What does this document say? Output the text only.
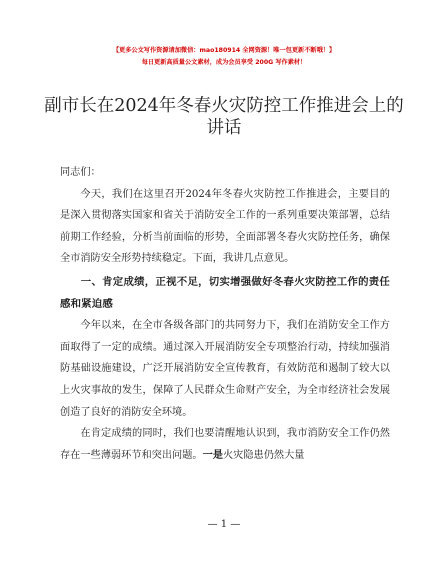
【更多公文写作资源请加微信：mao180914 全网资源！唯一包更新不断哦！】
每日更新高质量公文素材，成为会员享受 200G 写作素材！
副市长在2024年冬春火灾防控工作推进会上的讲话

同志们：

今天，我们在这里召开2024年冬春火灾防控工作推进会，主要目的是深入贯彻落实国家和省关于消防安全工作的一系列重要决策部署，总结前期工作经验，分析当前面临的形势，全面部署冬春火灾防控任务，确保全市消防安全形势持续稳定。下面，我讲几点意见。

一、肯定成绩，正视不足，切实增强做好冬春火灾防控工作的责任感和紧迫感

今年以来，在全市各级各部门的共同努力下，我们在消防安全工作方面取得了一定的成绩。通过深入开展消防安全专项整治行动，持续加强消防基础设施建设，广泛开展消防安全宣传教育，有效防范和遏制了较大以上火灾事故的发生，保障了人民群众生命财产安全，为全市经济社会发展创造了良好的消防安全环境。

在肯定成绩的同时，我们也要清醒地认识到，我市消防安全工作仍然存在一些薄弱环节和突出问题。一是火灾隐患仍然大量

— 1 —
